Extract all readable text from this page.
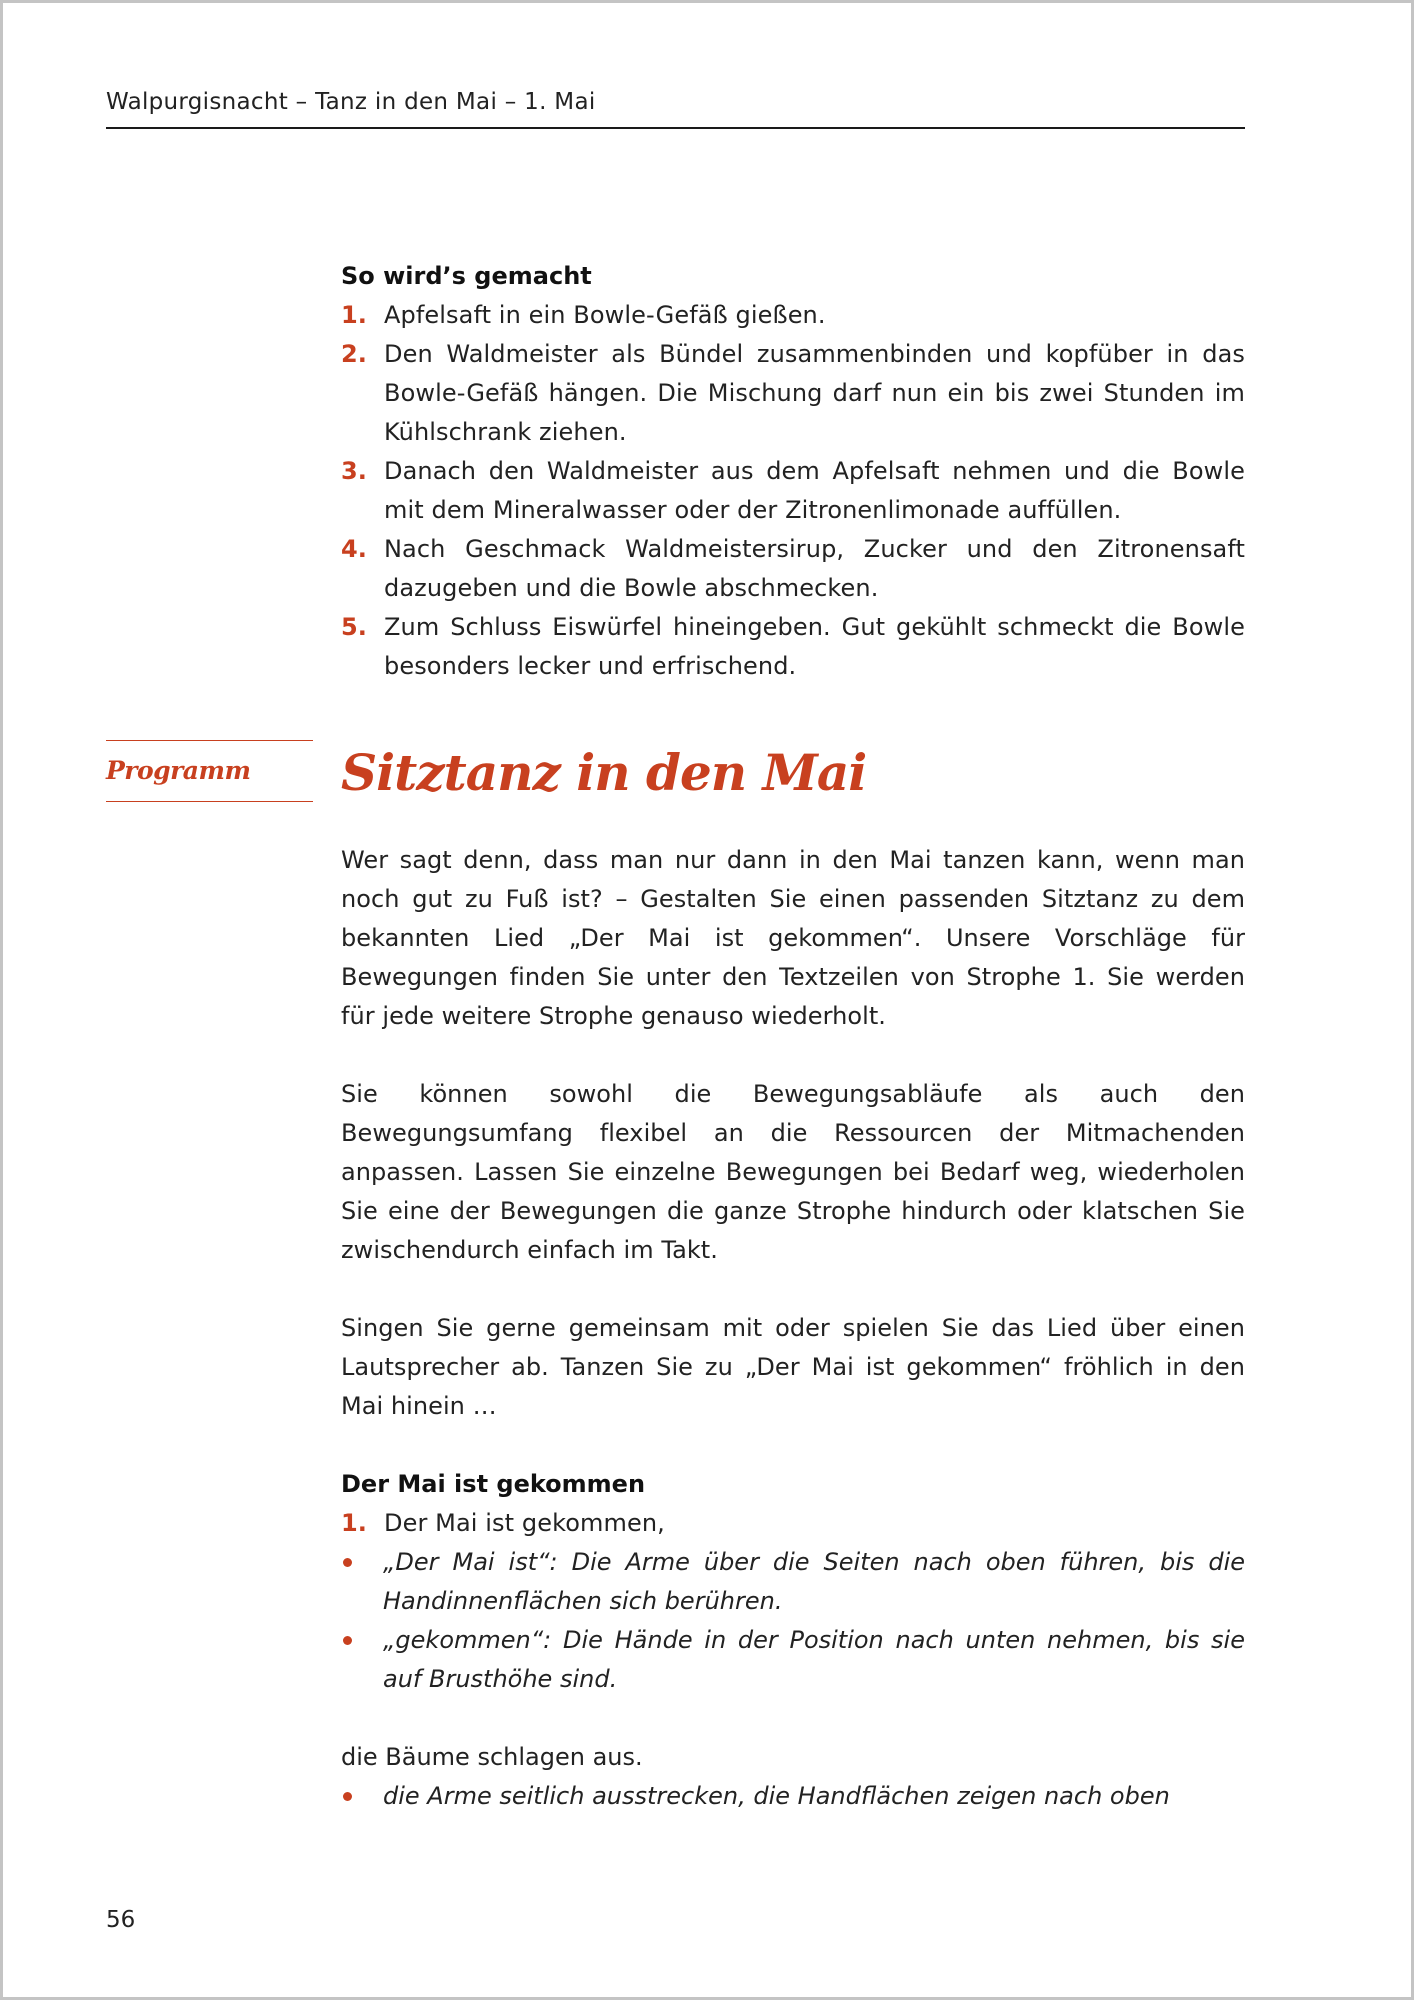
Walpurgisnacht – Tanz in den Mai – 1. Mai
So wird’s gemacht
1. Apfelsaft in ein Bowle-Gefäß gießen.
2. Den Waldmeister als Bündel zusammenbinden und kopfüber in das Bowle-Gefäß hängen. Die Mischung darf nun ein bis zwei Stunden im Kühlschrank ziehen.
3. Danach den Waldmeister aus dem Apfelsaft nehmen und die Bowle mit dem Mineralwasser oder der Zitronenlimonade auffüllen.
4. Nach Geschmack Waldmeistersirup, Zucker und den Zitronensaft dazugeben und die Bowle abschmecken.
5. Zum Schluss Eiswürfel hineingeben. Gut gekühlt schmeckt die Bowle besonders lecker und erfrischend.
Programm	Sitztanz in den Mai

Wer sagt denn, dass man nur dann in den Mai tanzen kann, wenn man noch gut zu Fuß ist? – Gestalten Sie einen passenden Sitztanz zu dem bekannten Lied „Der Mai ist gekommen“. Unsere Vorschläge für Bewegungen finden Sie unter den Textzeilen von Strophe 1. Sie werden für jede weitere Strophe genauso wiederholt.

Sie können sowohl die Bewegungsabläufe als auch den Bewegungsumfang flexibel an die Ressourcen der Mitmachenden anpassen. Lassen Sie einzelne Bewegungen bei Bedarf weg, wiederholen Sie eine der Bewegungen die ganze Strophe hindurch oder klatschen Sie zwischendurch einfach im Takt.

Singen Sie gerne gemeinsam mit oder spielen Sie das Lied über einen Lautsprecher ab. Tanzen Sie zu „Der Mai ist gekommen“ fröhlich in den Mai hinein …

Der Mai ist gekommen
1. Der Mai ist gekommen,
„Der Mai ist“: Die Arme über die Seiten nach oben führen, bis die Handinnenflächen sich berühren.
„gekommen“: Die Hände in der Position nach unten nehmen, bis sie auf Brusthöhe sind.
die Bäume schlagen aus.
die Arme seitlich ausstrecken, die Handflächen zeigen nach oben
56
